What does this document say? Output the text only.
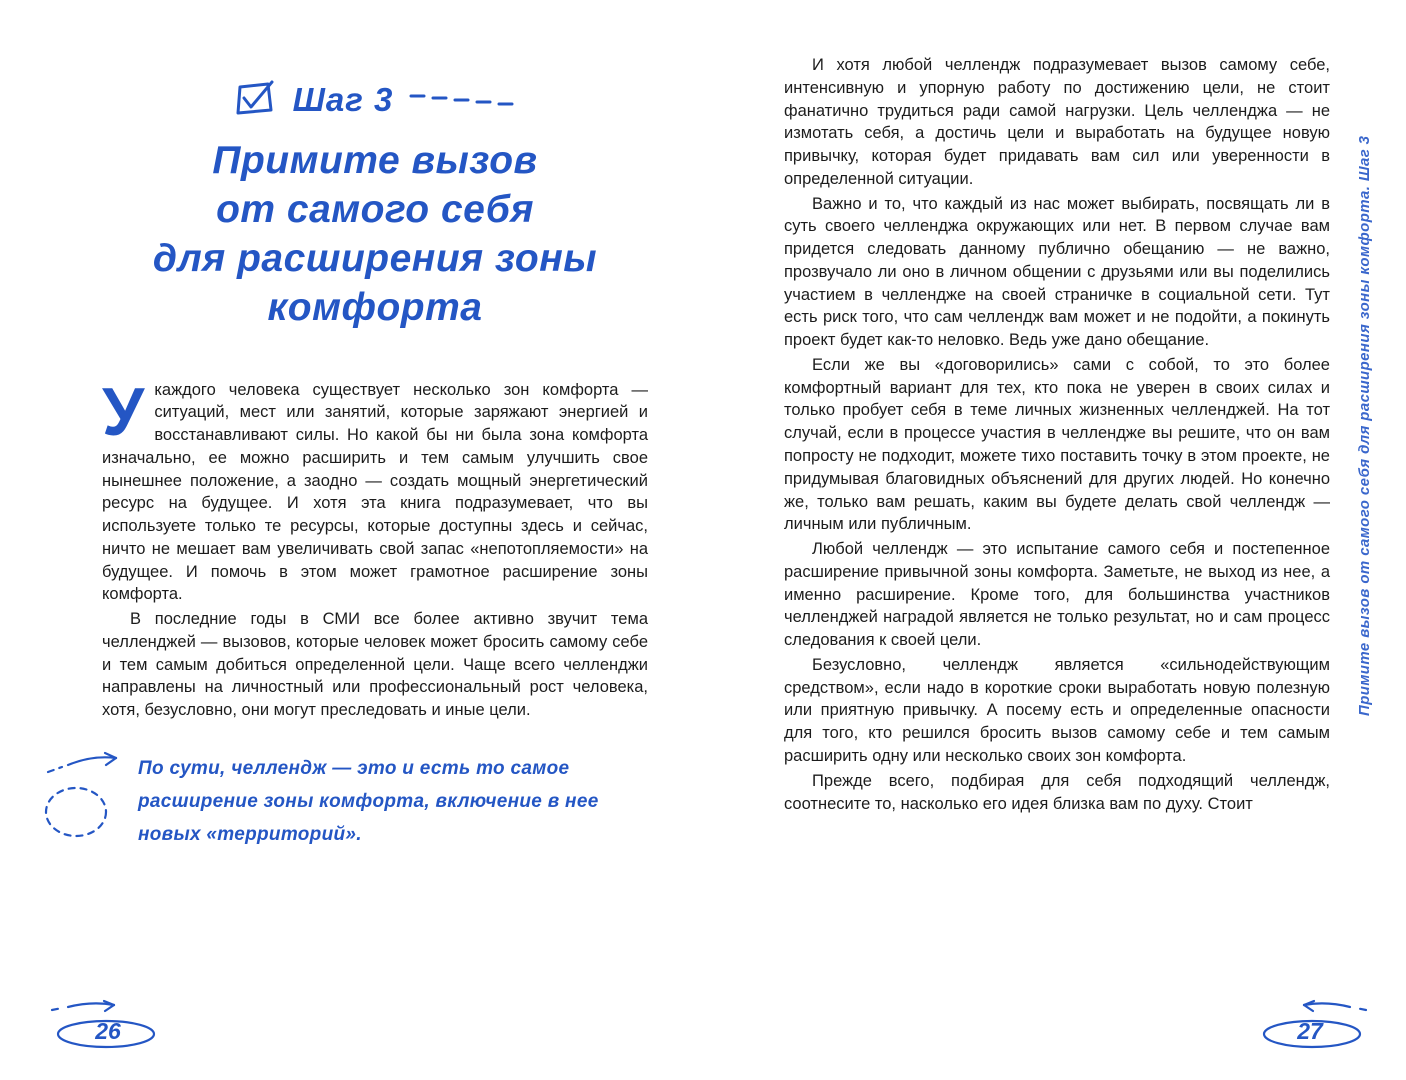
Шаг 3
Примите вызов
от самого себя
для расширения зоны
комфорта

Укаждого человека существует несколько зон комфорта — ситуаций, мест или занятий, которые заряжают энергией и восстанавливают силы. Но какой бы ни была зона комфорта изначально, ее можно расширить и тем самым улучшить свое нынешнее положение, а заодно — создать мощный энергетический ресурс на будущее. И хотя эта книга подразумевает, что вы используете только те ресурсы, которые доступны здесь и сейчас, ничто не мешает вам увеличивать свой запас «непотопляемости» на будущее. И помочь в этом может грамотное расширение зоны комфорта.

В последние годы в СМИ все более активно звучит тема челленджей — вызовов, которые человек может бросить самому себе и тем самым добиться определенной цели. Чаще всего челленджи направлены на личностный или профессиональный рост человека, хотя, безусловно, они могут преследовать и иные цели.

По сути, челлендж — это и есть то самое расширение зоны комфорта, включение в нее новых «территорий».

И хотя любой челлендж подразумевает вызов самому себе, интенсивную и упорную работу по достижению цели, не стоит фанатично трудиться ради самой нагрузки. Цель челленджа — не измотать себя, а достичь цели и выработать на будущее новую привычку, которая будет придавать вам сил или уверенности в определенной ситуации.

Важно и то, что каждый из нас может выбирать, посвящать ли в суть своего челленджа окружающих или нет. В первом случае вам придется следовать данному публично обещанию — не важно, прозвучало ли оно в личном общении с друзьями или вы поделились участием в челлендже на своей страничке в социальной сети. Тут есть риск того, что сам челлендж вам может и не подойти, а покинуть проект будет как-то неловко. Ведь уже дано обещание.

Если же вы «договорились» сами с собой, то это более комфортный вариант для тех, кто пока не уверен в своих силах и только пробует себя в теме личных жизненных челленджей. На тот случай, если в процессе участия в челлендже вы решите, что он вам попросту не подходит, можете тихо поставить точку в этом проекте, не придумывая благовидных объяснений для других людей. Но конечно же, только вам решать, каким вы будете делать свой челлендж — личным или публичным.

Любой челлендж — это испытание самого себя и постепенное расширение привычной зоны комфорта. Заметьте, не выход из нее, а именно расширение. Кроме того, для большинства участников челленджей наградой является не только результат, но и сам процесс следования к своей цели.

Безусловно, челлендж является «сильнодействующим средством», если надо в короткие сроки выработать новую полезную или приятную привычку. А посему есть и определенные опасности для того, кто решился бросить вызов самому себе и тем самым расширить одну или несколько своих зон комфорта.

Прежде всего, подбирая для себя подходящий челлендж, соотнесите то, насколько его идея близка вам по духу. Стоит

Примите вызов от самого себя для расширения зоны комфорта. Шаг 3
26	27
